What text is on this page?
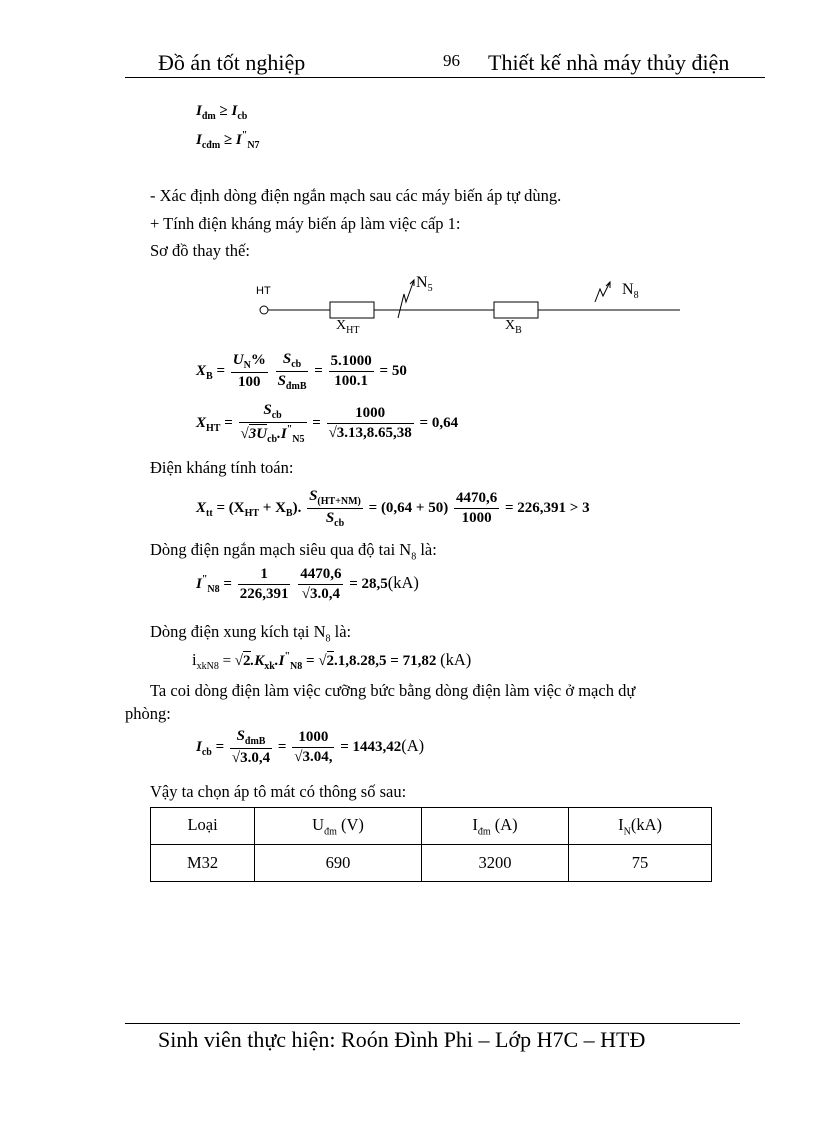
Đồ án tốt nghiệp	96 Thiết kế nhà máy thủy điện
$I_{đm} \ge I_{cb}$
$I_{cđm} \ge I^"_{N7}$
- Xác định dòng điện ngắn mạch sau các máy biến áp tự dùng.
+ Tính điện kháng máy biến áp làm việc cấp 1:
Sơ đồ thay thế:
HT	$N_5$	$N_8$
$X_{HT}$	$X_B$
$X_B = \frac{U_N\%}{100}$
$\frac{S_{cb}}{S_{đmB}} = \frac{5.1000}{100.1} = 50$
$X_{HT} = \frac{S_{cb}}{√3U_{cb}.I^"_{N5}} = \frac{1000}{√3.13,8.65,38} = 0,64$
Điện kháng tính toán:
$X_{tt} = (X_{HT} + X_B)$. $\frac{S_{(HT+NM)}}{S_{cb}} = (0,64 + 50) \frac{4470,6}{1000} = 226,391 > 3$
Dòng điện ngắn mạch siêu qua độ tai $N_8$ là:
$I^"_{N8} = \frac{1}{226,391}$
$\frac{4470,6}{√3.0,4} = 28,5(kA)$
Dòng điện xung kích tại $N_8$ là:
$i_{xkN8} = √2.K_{xk}.I^"_{N8} = √2.1,8.28,5 = 71,82$ (kA)
Ta coi dòng điện làm việc cưỡng bức bằng dòng điện làm việc ở mạch dự
phòng:
$I_{cb} = \frac{S_{đmB}}{√3.0,4} = \frac{1000}{√3.04,} = 1443,42(A)$
Vậy ta chọn áp tô mát có thông số sau:
Loại	$U_{đm}$ (V)	$I_{đm}$ (A)	$I_N(kA)$
M32	690	3200	75
Sinh viên thực hiện: Roón Đình Phi – Lớp H7C – HTĐ
